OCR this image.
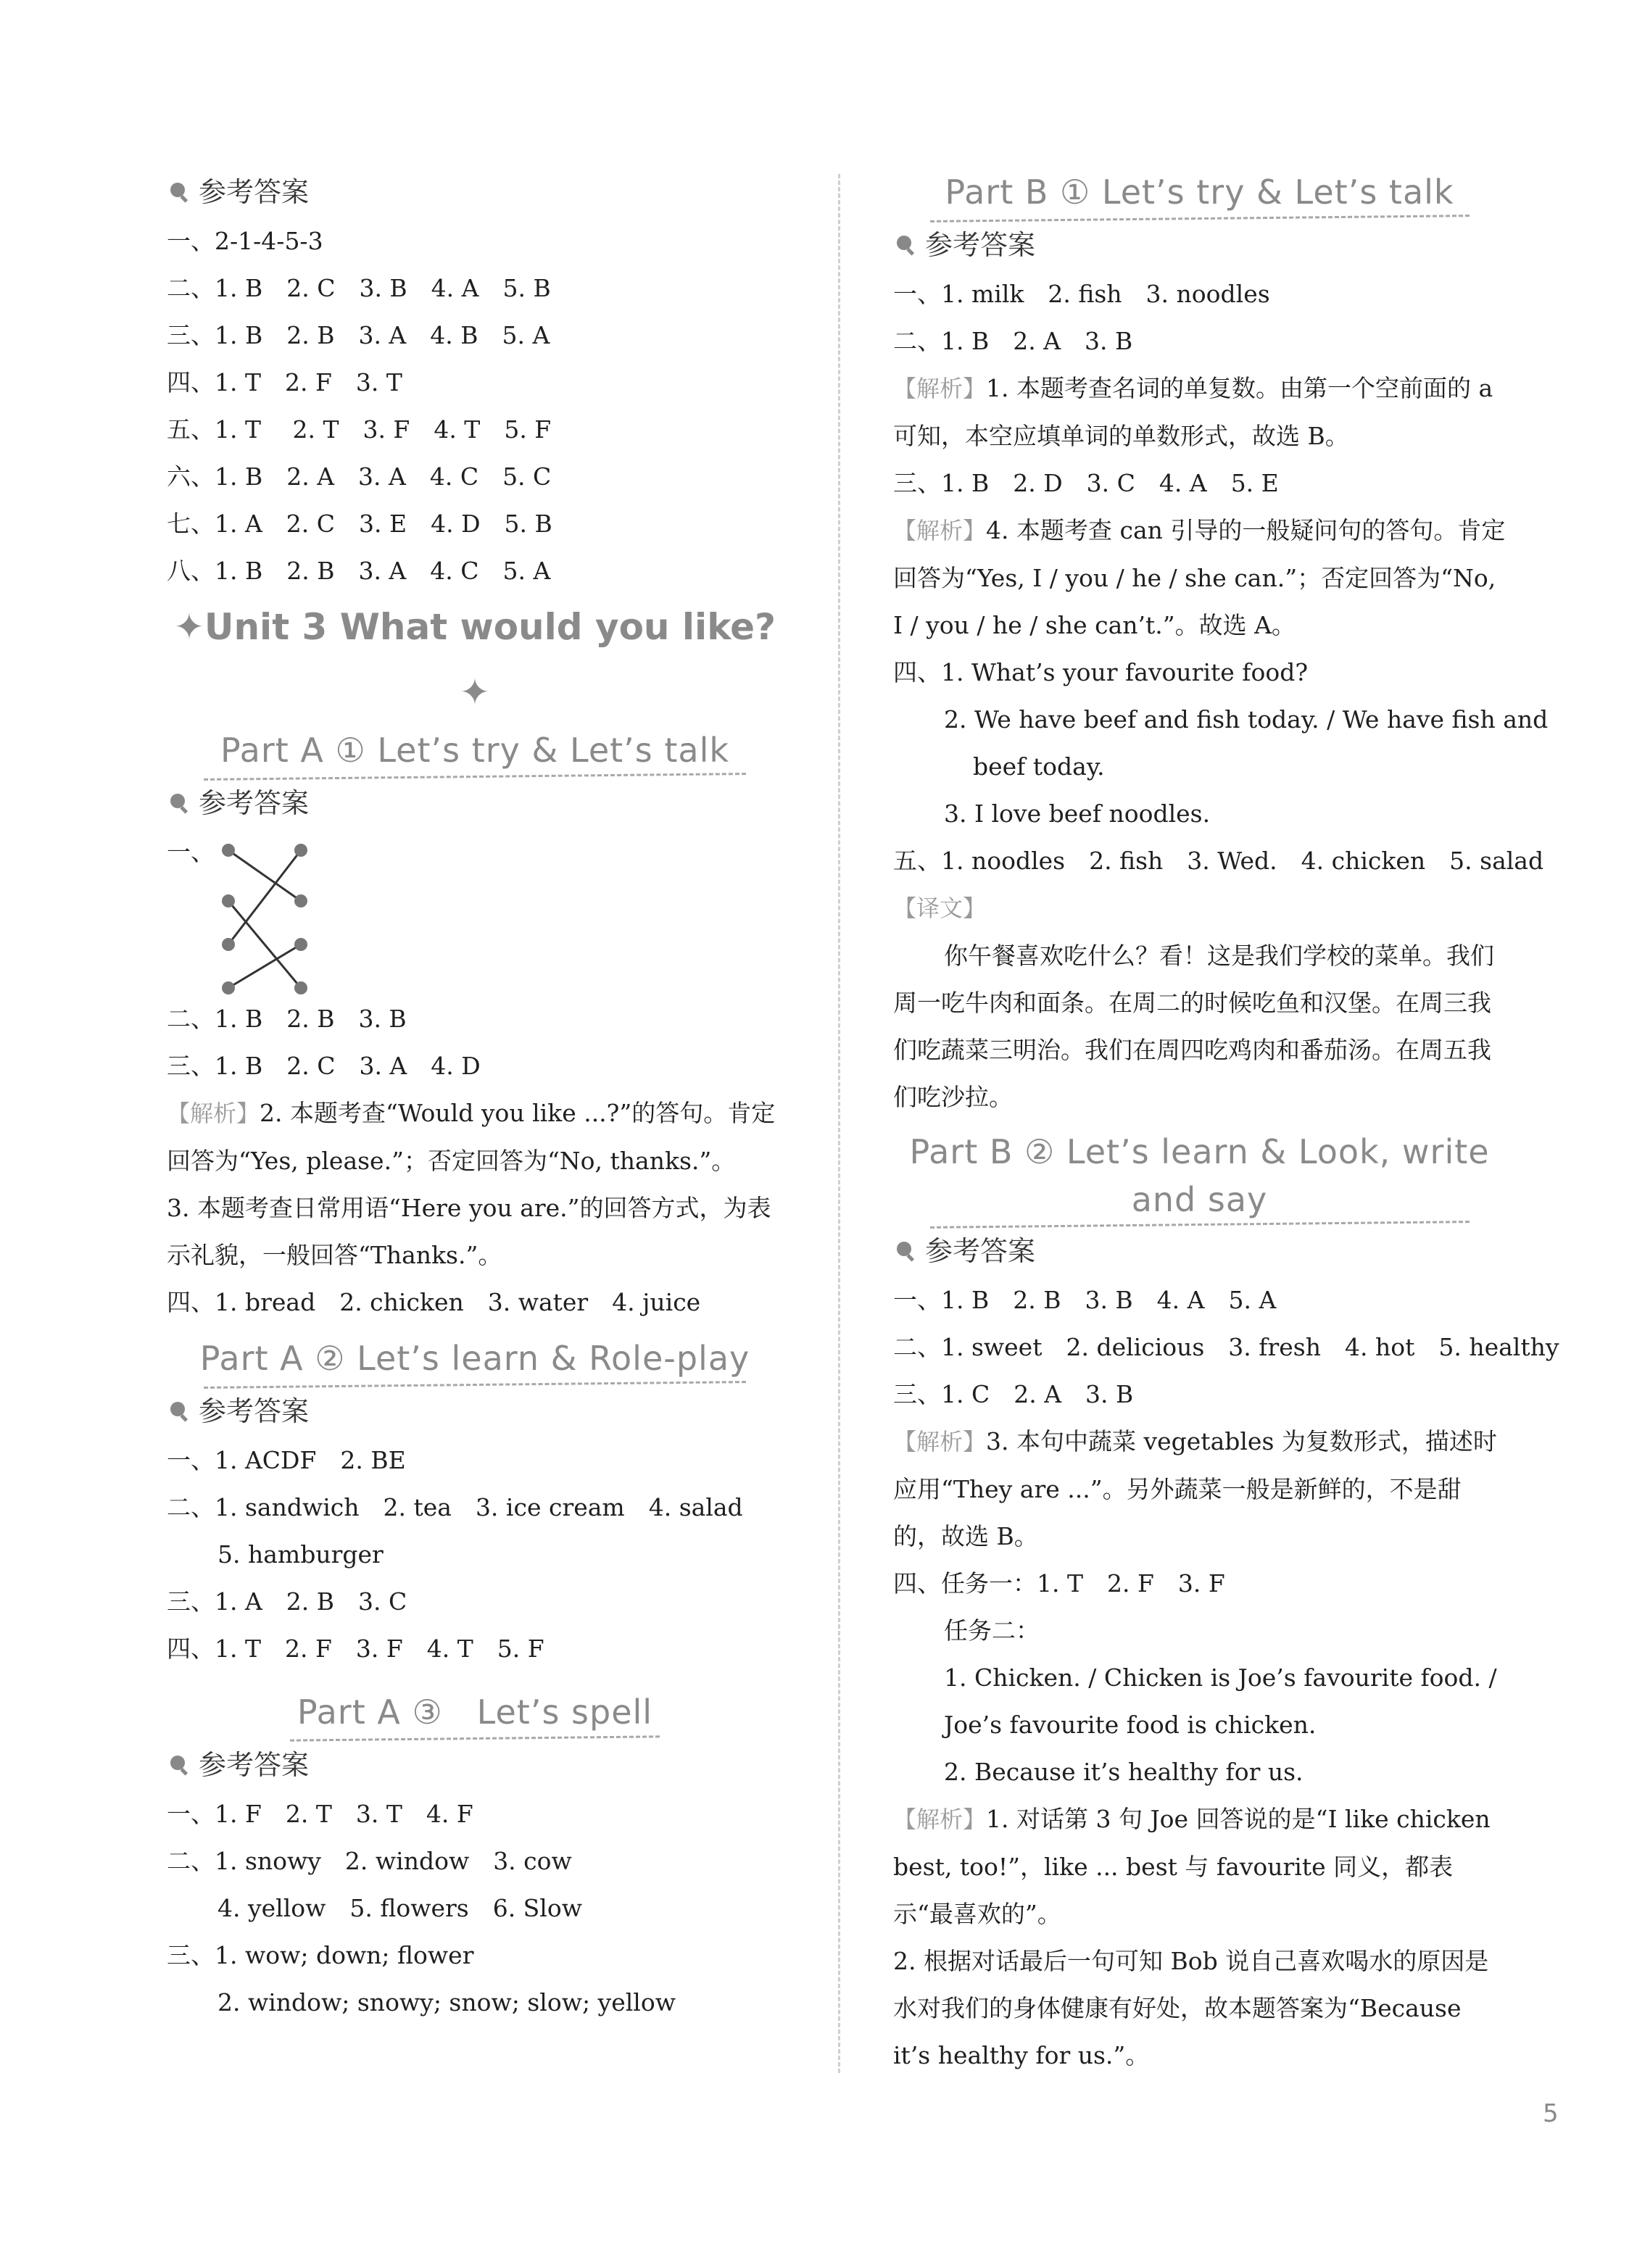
参考答案
一、2-1-4-5-3
二、1. B　2. C　3. B　4. A　5. B
三、1. B　2. B　3. A　4. B　5. A
四、1. T　2. F　3. T
五、1. T　 2. T　3. F　4. T　5. F
六、1. B　2. A　3. A　4. C　5. C
七、1. A　2. C　3. E　4. D　5. B
八、1. B　2. B　3. A　4. C　5. A
✦Unit 3 What would you like?✦
Part A ① Let’s try & Let’s talk
参考答案
一、
二、1. B　2. B　3. B
三、1. B　2. C　3. A　4. D
【解析】2. 本题考查“Would you like ...?”的答句。肯定回答为“Yes, please.”；否定回答为“No, thanks.”。
3. 本题考查日常用语“Here you are.”的回答方式，为表示礼貌，一般回答“Thanks.”。
四、1. bread　2. chicken　3. water　4. juice
Part A ② Let’s learn & Role-play
参考答案
一、1. ACDF　2. BE
二、1. sandwich　2. tea　3. ice cream　4. salad
5. hamburger
三、1. A　2. B　3. C
四、1. T　2. F　3. F　4. T　5. F
Part A ③　Let’s spell
参考答案
一、1. F　2. T　3. T　4. F
二、1. snowy　2. window　3. cow
4. yellow　5. flowers　6. Slow
三、1. wow; down; flower
2. window; snowy; snow; slow; yellow
Part B ① Let’s try & Let’s talk
参考答案
一、1. milk　2. fish　3. noodles
二、1. B　2. A　3. B
【解析】1. 本题考查名词的单复数。由第一个空前面的 a 可知，本空应填单词的单数形式，故选 B。
三、1. B　2. D　3. C　4. A　5. E
【解析】4. 本题考查 can 引导的一般疑问句的答句。肯定回答为“Yes, I / you / he / she can.”；否定回答为“No, I / you / he / she can’t.”。故选 A。
四、1. What’s your favourite food?
2. We have beef and fish today. / We have fish and
beef today.
3. I love beef noodles.
五、1. noodles　2. fish　3. Wed.　4. chicken　5. salad
【译文】
你午餐喜欢吃什么？看！这是我们学校的菜单。我们周一吃牛肉和面条。在周二的时候吃鱼和汉堡。在周三我们吃蔬菜三明治。我们在周四吃鸡肉和番茄汤。在周五我们吃沙拉。
Part B ② Let’s learn & Look, write
and say
参考答案
一、1. B　2. B　3. B　4. A　5. A
二、1. sweet　2. delicious　3. fresh　4. hot　5. healthy
三、1. C　2. A　3. B
【解析】3. 本句中蔬菜 vegetables 为复数形式，描述时应用“They are ...”。另外蔬菜一般是新鲜的，不是甜的，故选 B。
四、任务一：1. T　2. F　3. F
任务二：
1. Chicken. / Chicken is Joe’s favourite food. / Joe’s favourite food is chicken.
2. Because it’s healthy for us.
【解析】1. 对话第 3 句 Joe 回答说的是“I like chicken best, too!”，like ... best 与 favourite 同义，都表示“最喜欢的”。
2. 根据对话最后一句可知 Bob 说自己喜欢喝水的原因是水对我们的身体健康有好处，故本题答案为“Because it’s healthy for us.”。
5
